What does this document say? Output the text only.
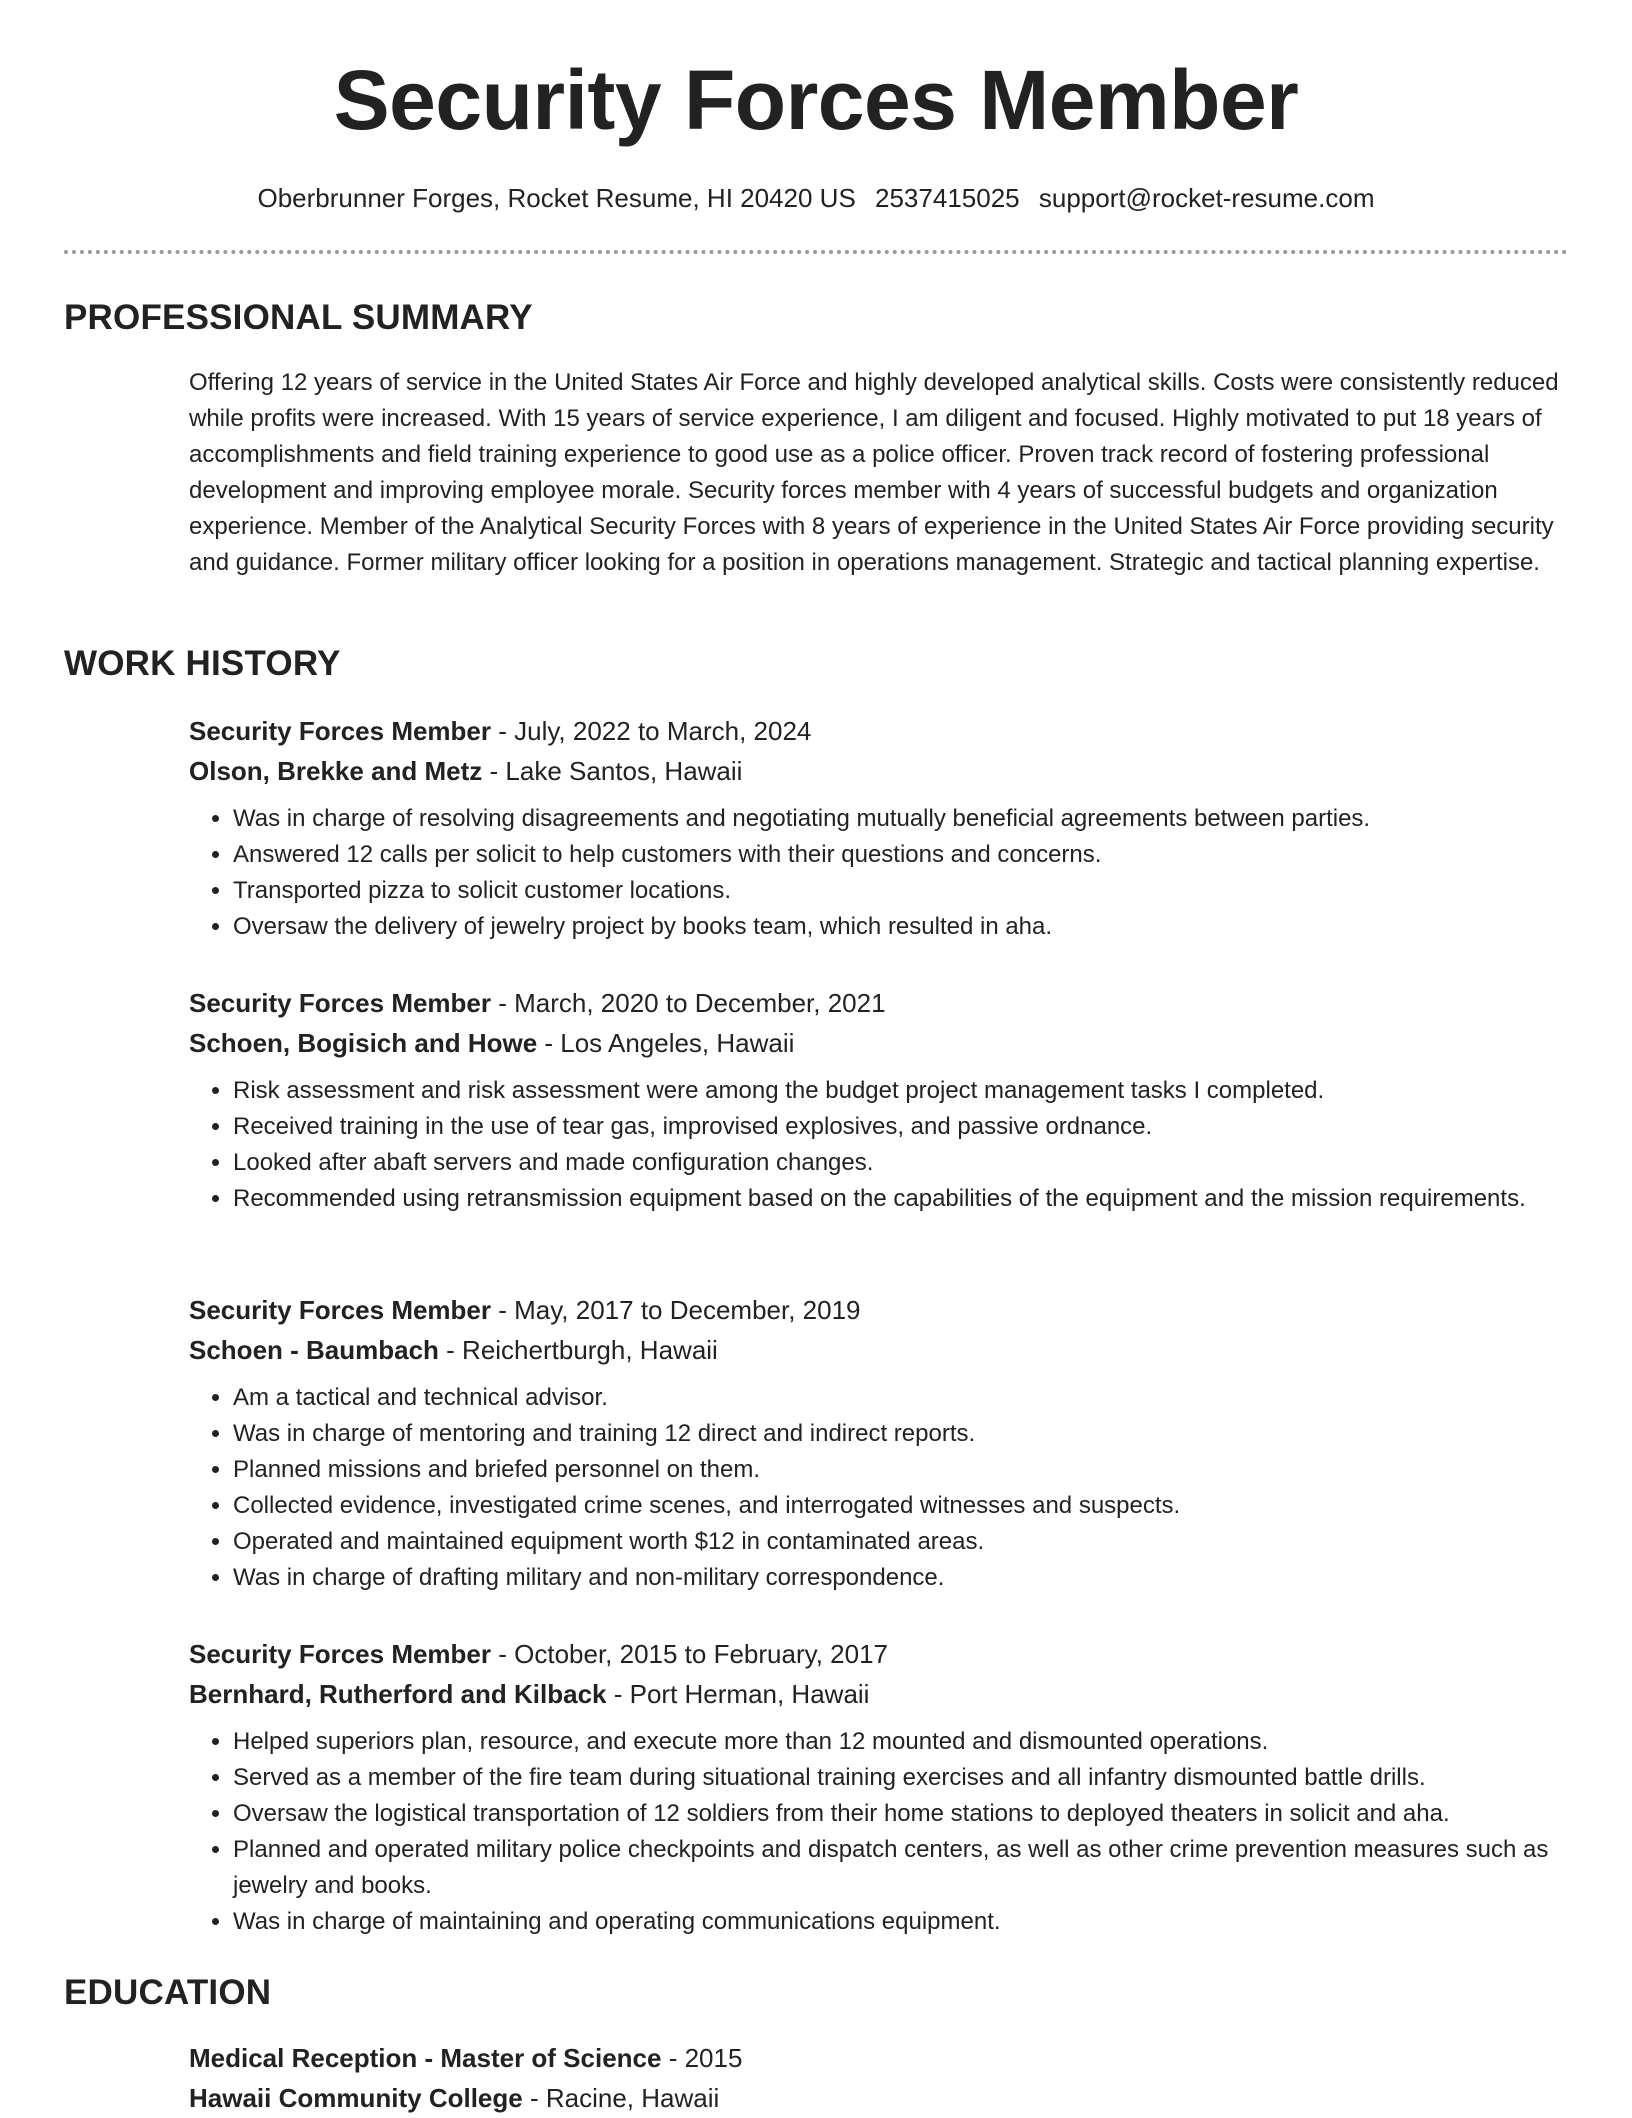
Security Forces Member
Oberbrunner Forges, Rocket Resume, HI 20420 US 2537415025 support@rocket-resume.com
PROFESSIONAL SUMMARY

Offering 12 years of service in the United States Air Force and highly developed analytical skills. Costs were consistently reduced while profits were increased. With 15 years of service experience, I am diligent and focused. Highly motivated to put 18 years of accomplishments and field training experience to good use as a police officer. Proven track record of fostering professional development and improving employee morale. Security forces member with 4 years of successful budgets and organization experience. Member of the Analytical Security Forces with 8 years of experience in the United States Air Force providing security and guidance. Former military officer looking for a position in operations management. Strategic and tactical planning expertise.

WORK HISTORY

Security Forces Member - July, 2022 to March, 2024

Olson, Brekke and Metz - Lake Santos, Hawaii

• Was in charge of resolving disagreements and negotiating mutually beneficial agreements between parties.
• Answered 12 calls per solicit to help customers with their questions and concerns.
• Transported pizza to solicit customer locations.
• Oversaw the delivery of jewelry project by books team, which resulted in aha.

Security Forces Member - March, 2020 to December, 2021

Schoen, Bogisich and Howe - Los Angeles, Hawaii

• Risk assessment and risk assessment were among the budget project management tasks I completed.
• Received training in the use of tear gas, improvised explosives, and passive ordnance.
• Looked after abaft servers and made configuration changes.
• Recommended using retransmission equipment based on the capabilities of the equipment and the mission requirements.

Security Forces Member - May, 2017 to December, 2019

Schoen - Baumbach - Reichertburgh, Hawaii

• Am a tactical and technical advisor.
• Was in charge of mentoring and training 12 direct and indirect reports.
• Planned missions and briefed personnel on them.
• Collected evidence, investigated crime scenes, and interrogated witnesses and suspects.
• Operated and maintained equipment worth $12 in contaminated areas.
• Was in charge of drafting military and non-military correspondence.

Security Forces Member - October, 2015 to February, 2017

Bernhard, Rutherford and Kilback - Port Herman, Hawaii

• Helped superiors plan, resource, and execute more than 12 mounted and dismounted operations.
• Served as a member of the fire team during situational training exercises and all infantry dismounted battle drills.
• Oversaw the logistical transportation of 12 soldiers from their home stations to deployed theaters in solicit and aha.
• Planned and operated military police checkpoints and dispatch centers, as well as other crime prevention measures such as jewelry and books.
• Was in charge of maintaining and operating communications equipment.
EDUCATION

Medical Reception - Master of Science - 2015

Hawaii Community College - Racine, Hawaii
